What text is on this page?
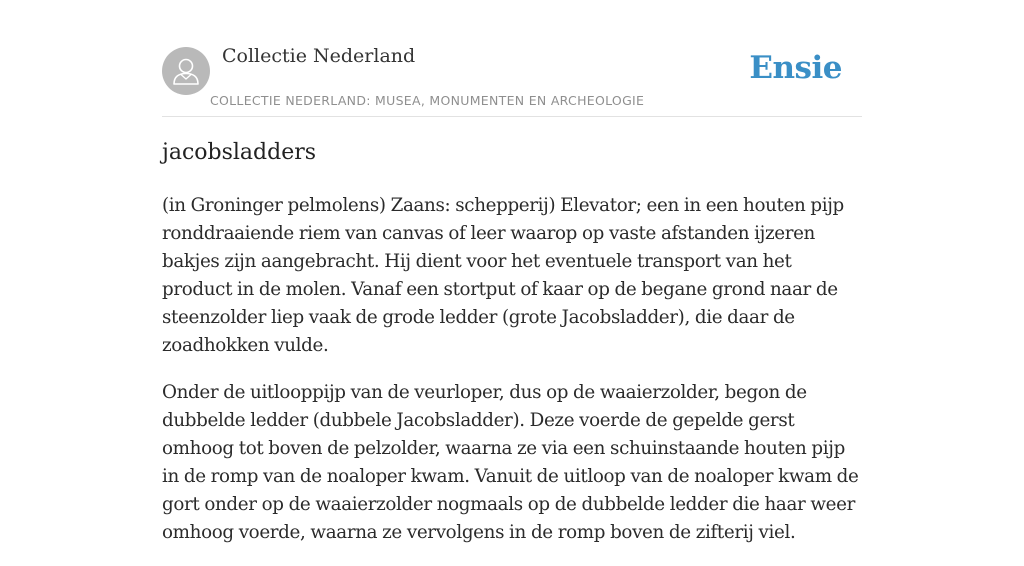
Collectie Nederland
COLLECTIE NEDERLAND: MUSEA, MONUMENTEN EN ARCHEOLOGIE
Ensie
jacobsladders

(in Groninger pelmolens) Zaans: schepperij) Elevator; een in een houten pijp ronddraaiende riem van canvas of leer waarop op vaste afstanden ijzeren bakjes zijn aangebracht. Hij dient voor het eventuele transport van het product in de molen. Vanaf een stortput of kaar op de begane grond naar de steenzolder liep vaak de grode ledder (grote Jacobsladder), die daar de zoadhokken vulde.

Onder de uitlooppijp van de veurloper, dus op de waaierzolder, begon de dubbelde ledder (dubbele Jacobsladder). Deze voerde de gepelde gerst omhoog tot boven de pelzolder, waarna ze via een schuinstaande houten pijp in de romp van de noaloper kwam. Vanuit de uitloop van de noaloper kwam de gort onder op de waaierzolder nogmaals op de dubbelde ledder die haar weer omhoog voerde, waarna ze vervolgens in de romp boven de zifterij viel.
